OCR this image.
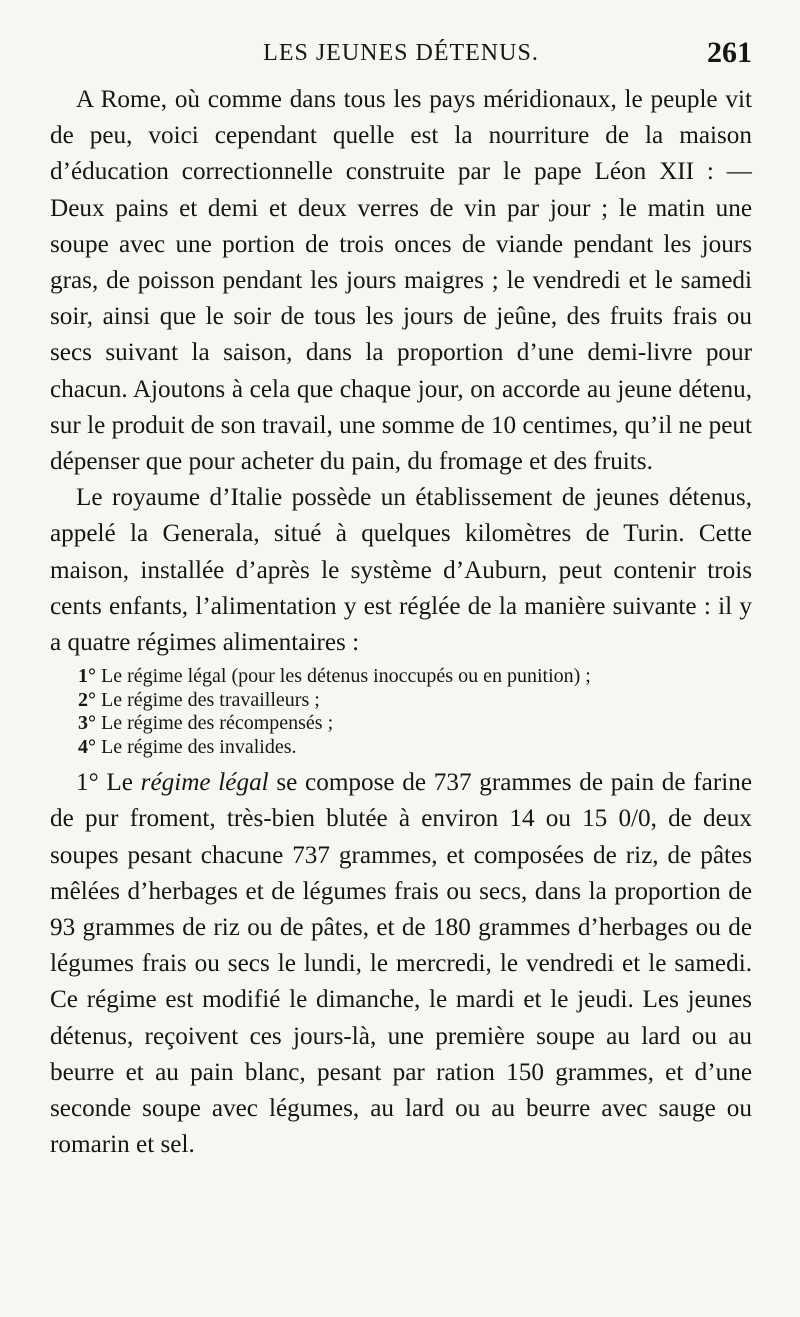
LES JEUNES DÉTENUS.	261

A Rome, où comme dans tous les pays méridionaux, le peuple vit de peu, voici cependant quelle est la nourriture de la maison d’éducation correctionnelle construite par le pape Léon XII : — Deux pains et demi et deux verres de vin par jour ; le matin une soupe avec une portion de trois onces de viande pendant les jours gras, de poisson pendant les jours maigres ; le vendredi et le samedi soir, ainsi que le soir de tous les jours de jeûne, des fruits frais ou secs suivant la saison, dans la proportion d’une demi-livre pour chacun. Ajoutons à cela que chaque jour, on accorde au jeune détenu, sur le produit de son travail, une somme de 10 centimes, qu’il ne peut dépenser que pour acheter du pain, du fromage et des fruits.

Le royaume d’Italie possède un établissement de jeunes détenus, appelé la Generala, situé à quelques kilomètres de Turin. Cette maison, installée d’après le système d’Auburn, peut contenir trois cents enfants, l’alimentation y est réglée de la manière suivante : il y a quatre régimes alimentaires :

1° Le régime légal (pour les détenus inoccupés ou en punition) ;
2° Le régime des travailleurs ;
3° Le régime des récompensés ;
4° Le régime des invalides.

1° Le régime légal se compose de 737 grammes de pain de farine de pur froment, très-bien blutée à environ 14 ou 15 0/0, de deux soupes pesant chacune 737 grammes, et composées de riz, de pâtes mêlées d’herbages et de légumes frais ou secs, dans la proportion de 93 grammes de riz ou de pâtes, et de 180 grammes d’herbages ou de légumes frais ou secs le lundi, le mercredi, le vendredi et le samedi. Ce régime est modifié le dimanche, le mardi et le jeudi. Les jeunes détenus, reçoivent ces jours-là, une première soupe au lard ou au beurre et au pain blanc, pesant par ration 150 grammes, et d’une seconde soupe avec légumes, au lard ou au beurre avec sauge ou romarin et sel.
